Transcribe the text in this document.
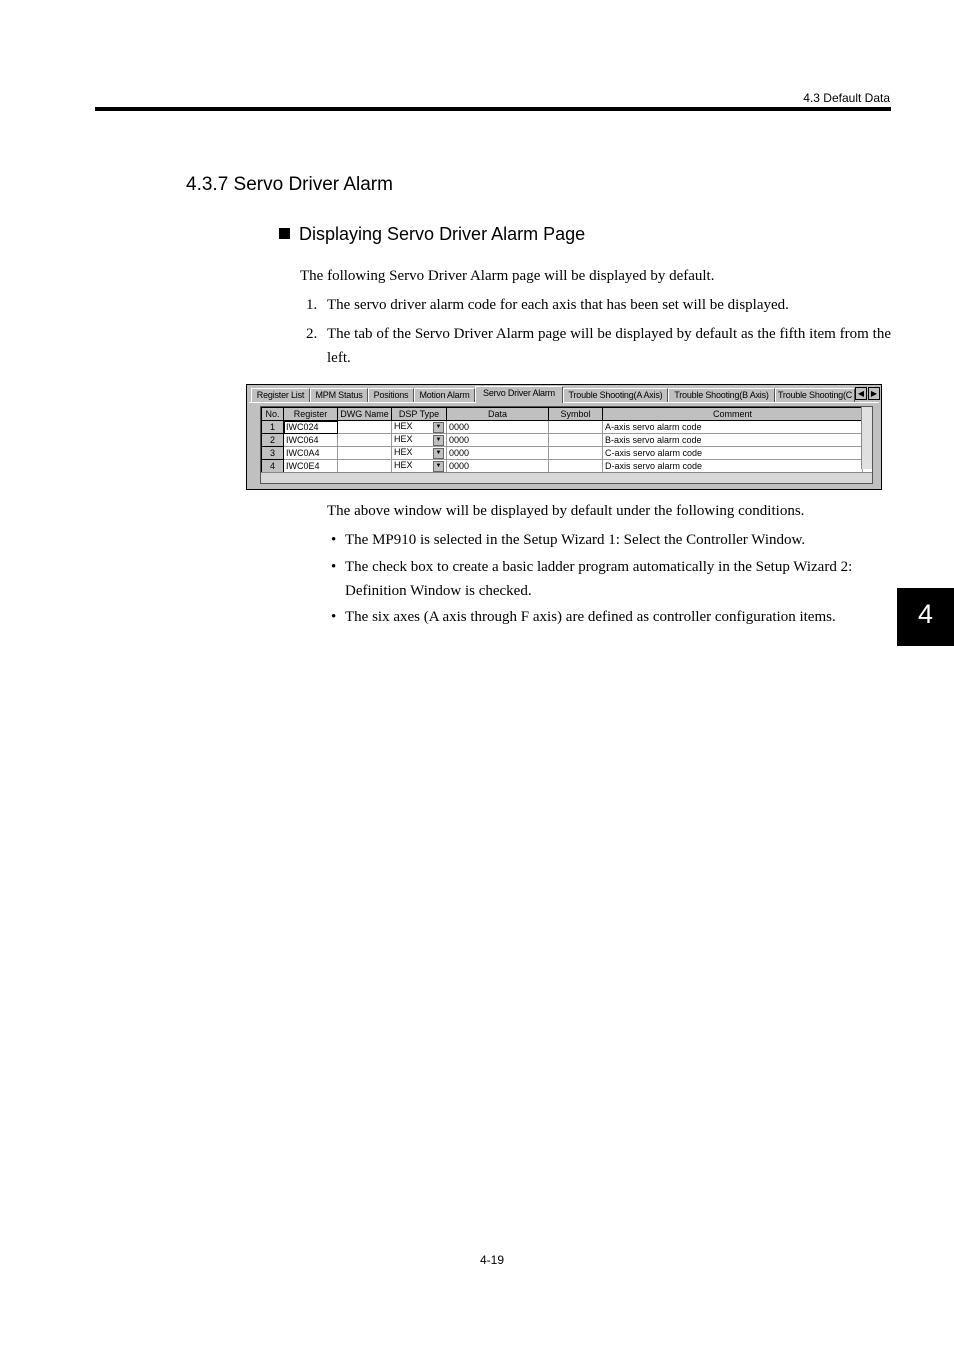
4.3 Default Data
4.3.7 Servo Driver Alarm
Displaying Servo Driver Alarm Page
The following Servo Driver Alarm page will be displayed by default.
1. The servo driver alarm code for each axis that has been set will be displayed.
2. The tab of the Servo Driver Alarm page will be displayed by default as the fifth item from the left.
Register List	MPM Status	Positions	Motion Alarm	Servo Driver Alarm	Trouble Shooting(A Axis)	Trouble Shooting(B Axis)	Trouble Shooting(C ◀ ▶
No.	Register	DWG Name	DSP Type	Data	Symbol	Comment
1	IWC024		HEX ▼	0000		A-axis servo alarm code
2	IWC064		HEX ▼	0000		B-axis servo alarm code
3	IWC0A4		HEX ▼	0000		C-axis servo alarm code
4	IWC0E4		HEX ▼	0000		D-axis servo alarm code
The above window will be displayed by default under the following conditions.
• The MP910 is selected in the Setup Wizard 1: Select the Controller Window.
• The check box to create a basic ladder program automatically in the Setup Wizard 2: Definition Window is checked.
• The six axes (A axis through F axis) are defined as controller configuration items.	4
4-19
